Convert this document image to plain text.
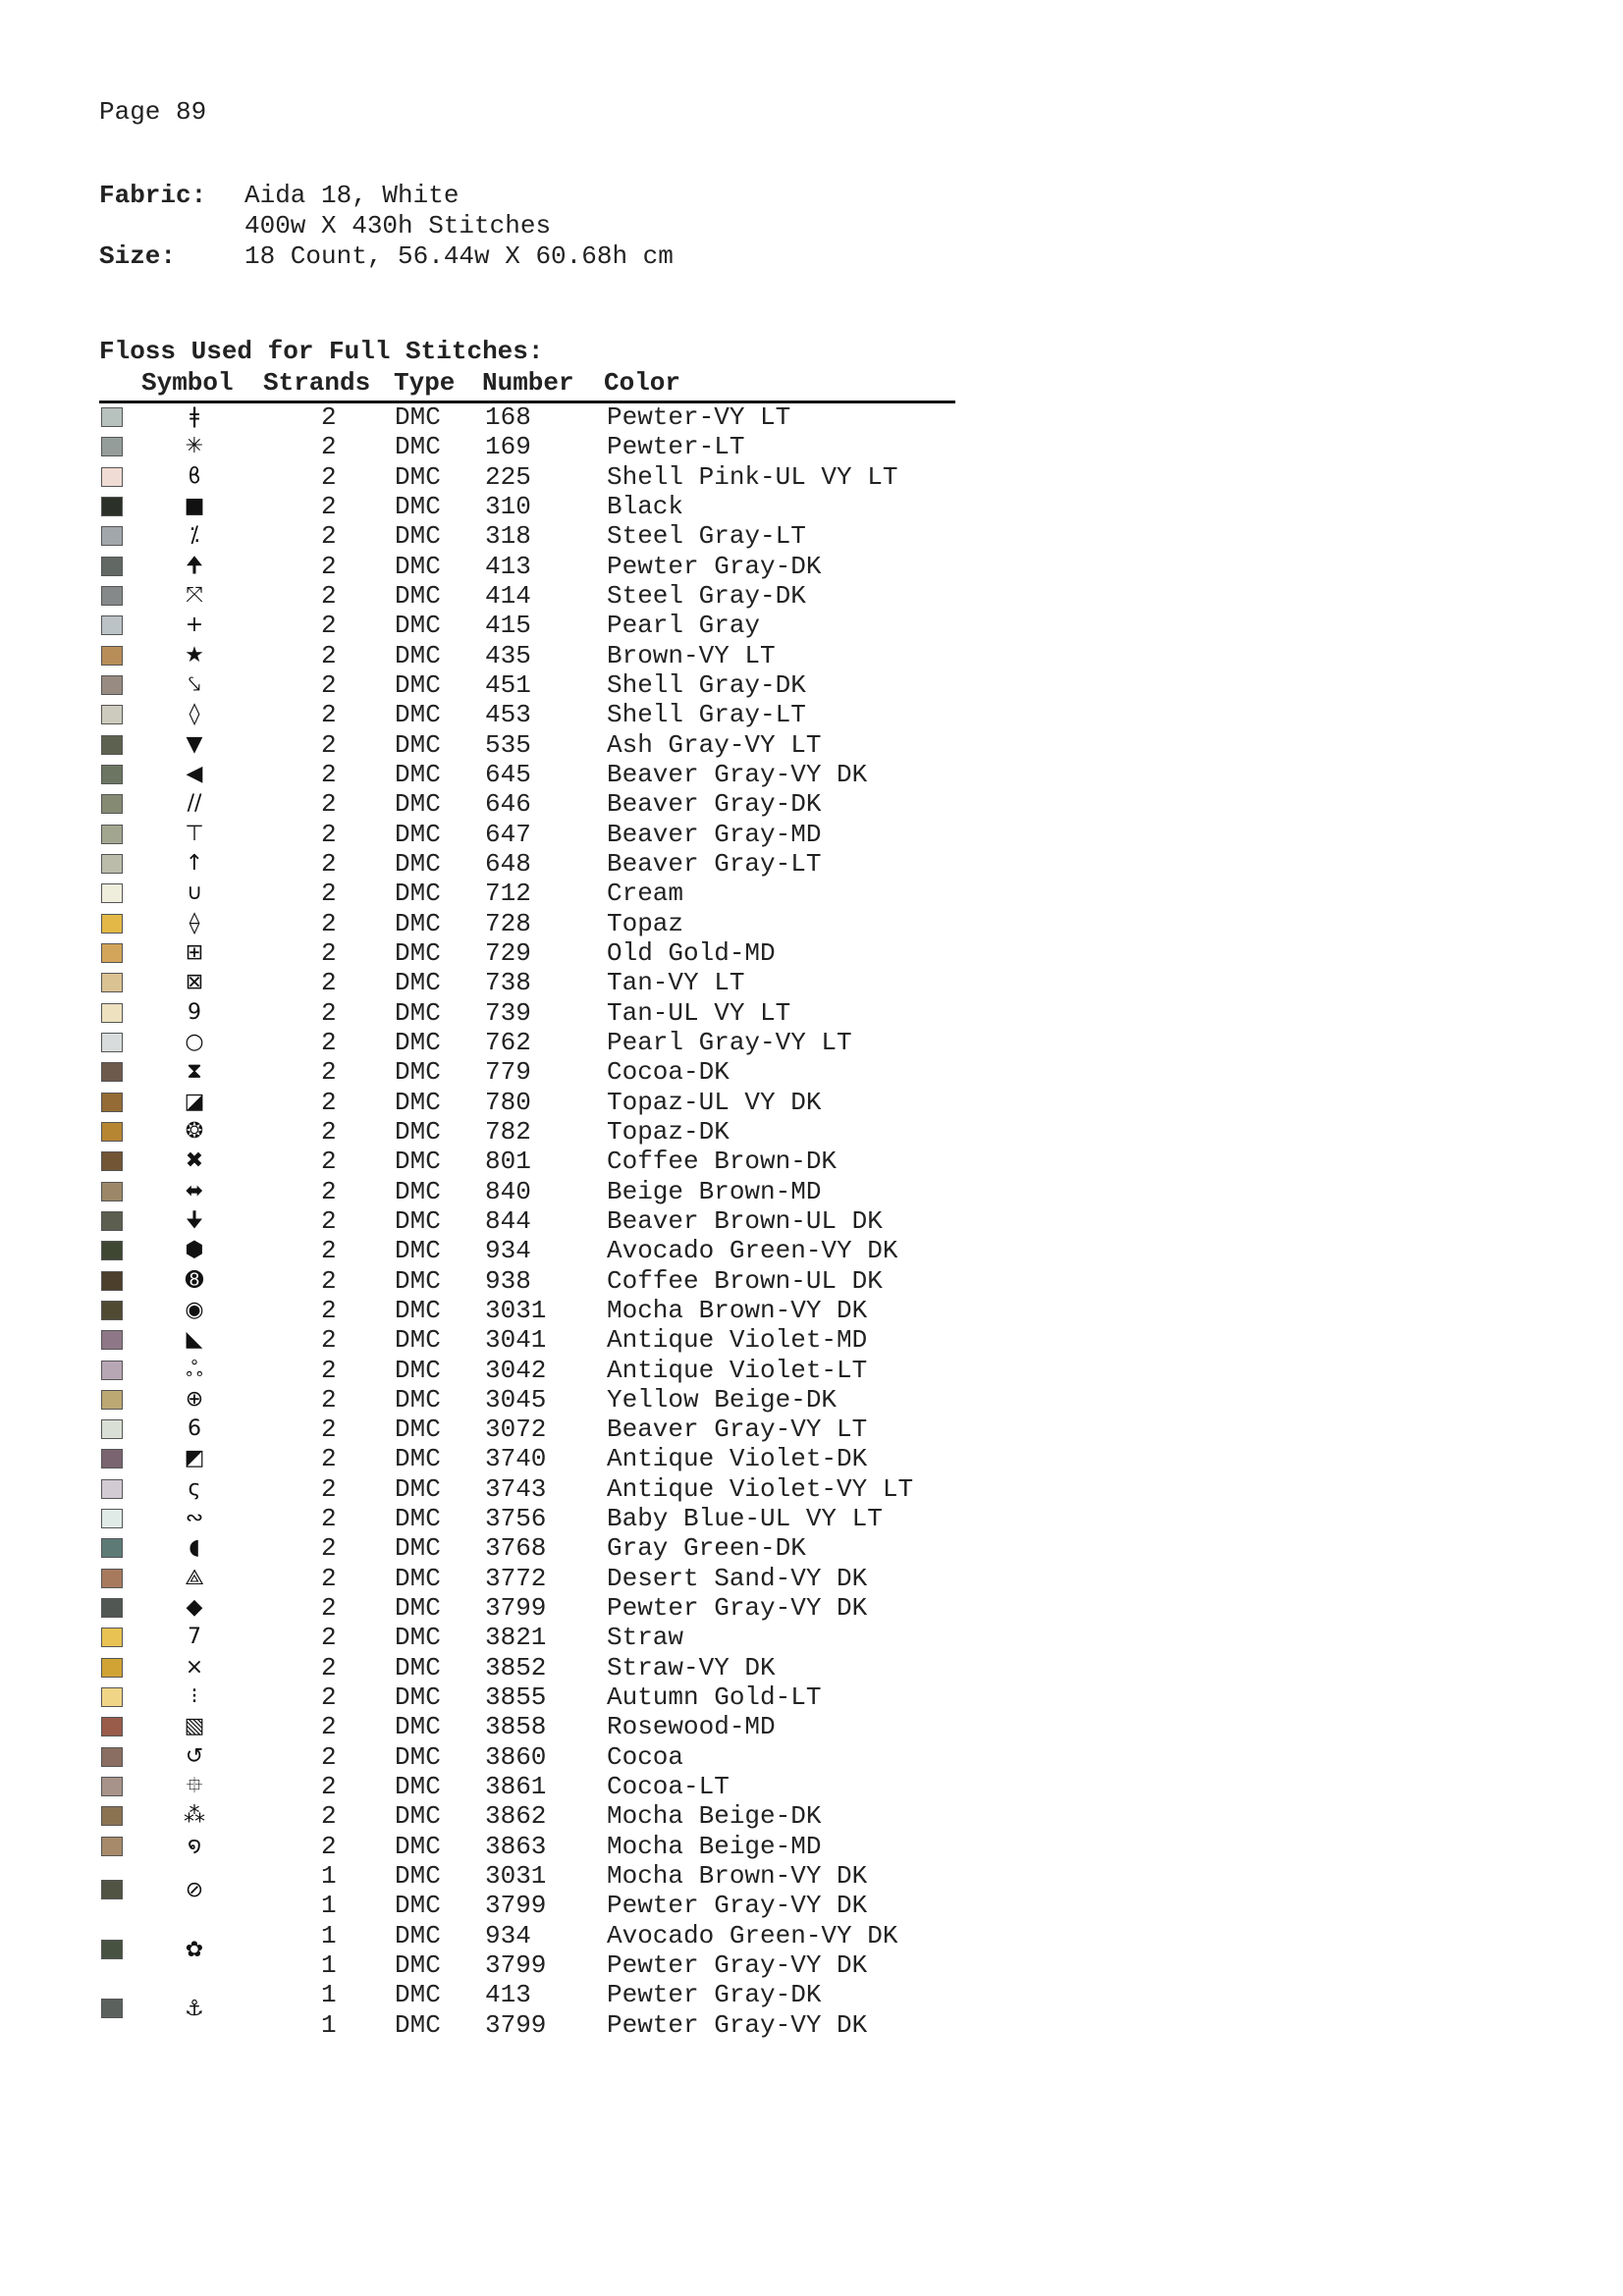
Page 89
Fabric: Aida 18, White
400w X 430h Stitches
Size:	18 Count, 56.44w X 60.68h cm
Floss Used for Full Stitches:
Symbol Strands Type Number Color
ǂ	2 DMC 168	Pewter-VY LT
✳	2 DMC 169	Pewter-LT
ϐ	2 DMC 225	Shell Pink-UL VY LT
■	2 DMC 310	Black
⁒	2 DMC 318	Steel Gray-LT
🠉	2 DMC 413	Pewter Gray-DK
⤧	2 DMC 414	Steel Gray-DK
+	2 DMC 415	Pearl Gray
★	2 DMC 435	Brown-VY LT
⤥	2 DMC 451	Shell Gray-DK
◊	2 DMC 453	Shell Gray-LT
▼	2 DMC 535	Ash Gray-VY LT
◀	2 DMC 645	Beaver Gray-VY DK
//	2 DMC 646	Beaver Gray-DK
⊤	2 DMC 647	Beaver Gray-MD
↑	2 DMC 648	Beaver Gray-LT
∪	2 DMC 712	Cream
⟠	2 DMC 728	Topaz
⊞	2 DMC 729	Old Gold-MD
⊠	2 DMC 738	Tan-VY LT
9	2 DMC 739	Tan-UL VY LT
○	2 DMC 762	Pearl Gray-VY LT
⧗	2 DMC 779	Cocoa-DK
◪	2 DMC 780	Topaz-UL VY DK
❂	2 DMC 782	Topaz-DK
✖	2 DMC 801	Coffee Brown-DK
⬌	2 DMC 840	Beige Brown-MD
🠋	2 DMC 844	Beaver Brown-UL DK
⬢	2 DMC 934	Avocado Green-VY DK
➑	2 DMC 938	Coffee Brown-UL DK
◉	2 DMC 3031 Mocha Brown-VY DK
◣	2 DMC 3041 Antique Violet-MD
ஃ	2 DMC 3042 Antique Violet-LT
⊕	2 DMC 3045 Yellow Beige-DK
6	2 DMC 3072 Beaver Gray-VY LT
◩	2 DMC 3740 Antique Violet-DK
ς	2 DMC 3743 Antique Violet-VY LT
∾	2 DMC 3756 Baby Blue-UL VY LT
◖	2 DMC 3768 Gray Green-DK
⟁	2 DMC 3772 Desert Sand-VY DK
◆	2 DMC 3799 Pewter Gray-VY DK
7	2 DMC 3821 Straw
×	2 DMC 3852 Straw-VY DK
⁝	2 DMC 3855 Autumn Gold-LT
▧	2 DMC 3858 Rosewood-MD
↺	2 DMC 3860 Cocoa
⯐	2 DMC 3861 Cocoa-LT
⁂	2 DMC 3862 Mocha Beige-DK
໑	2 DMC 3863 Mocha Beige-MD
⊘	1 DMC 3031 Mocha Brown-VY DK
1 DMC 3799 Pewter Gray-VY DK
✿	1 DMC 934	Avocado Green-VY DK
1 DMC 3799 Pewter Gray-VY DK
⚓	1 DMC 413	Pewter Gray-DK
1 DMC 3799 Pewter Gray-VY DK
